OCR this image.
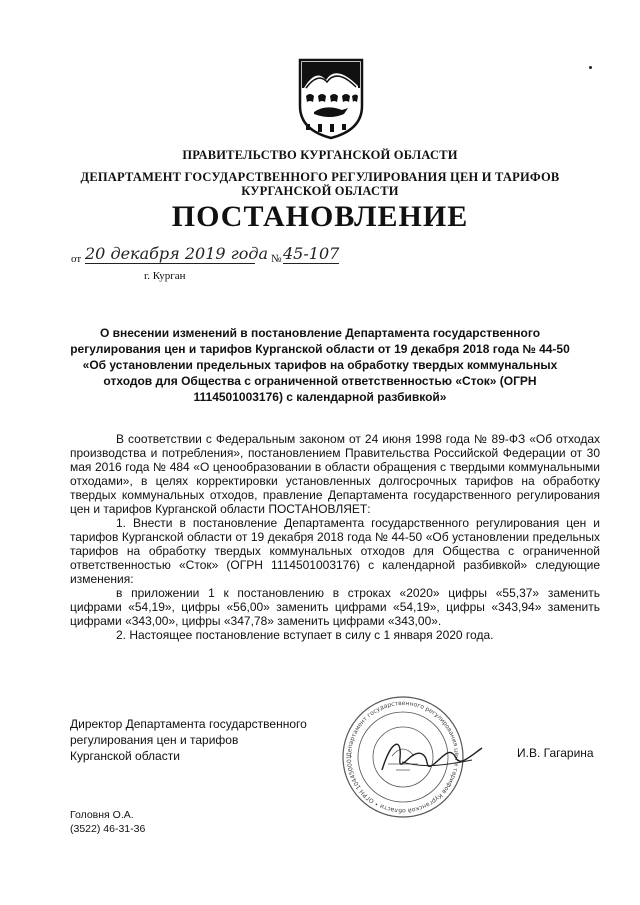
ПРАВИТЕЛЬСТВО КУРГАНСКОЙ ОБЛАСТИ
ДЕПАРТАМЕНТ ГОСУДАРСТВЕННОГО РЕГУЛИРОВАНИЯ ЦЕН И ТАРИФОВ
КУРГАНСКОЙ ОБЛАСТИ
ПОСТАНОВЛЕНИЕ
от 20 декабря 2019 года № 45-107
г. Курган
О внесении изменений в постановление Департамента государственного регулирования цен и тарифов Курганской области от 19 декабря 2018 года № 44-50 «Об установлении предельных тарифов на обработку твердых коммунальных отходов для Общества с ограниченной ответственностью «Сток» (ОГРН 1114501003176) с календарной разбивкой»

В соответствии с Федеральным законом от 24 июня 1998 года № 89-ФЗ «Об отходах производства и потребления», постановлением Правительства Российской Федерации от 30 мая 2016 года № 484 «О ценообразовании в области обращения с твердыми коммунальными отходами», в целях корректировки установленных долгосрочных тарифов на обработку твердых коммунальных отходов, правление Департамента государственного регулирования цен и тарифов Курганской области ПОСТАНОВЛЯЕТ:

1. Внести в постановление Департамента государственного регулирования цен и тарифов Курганской области от 19 декабря 2018 года № 44-50 «Об установлении предельных тарифов на обработку твердых коммунальных отходов для Общества с ограниченной ответственностью «Сток» (ОГРН 1114501003176) с календарной разбивкой» следующие изменения:

в приложении 1 к постановлению в строках «2020» цифры «55,37» заменить цифрами «54,19», цифры «56,00» заменить цифрами «54,19», цифры «343,94» заменить цифрами «343,00», цифры «347,78» заменить цифрами «343,00».

2. Настоящее постановление вступает в силу с 1 января 2020 года.

Директор Департамента государственного
регулирования цен и тарифов
Курганской области	Департамент государственного регулирования цен и тарифов Курганской области • ОГРН 104450001	И.В. Гагарина
Головня О.А.
(3522) 46-31-36
